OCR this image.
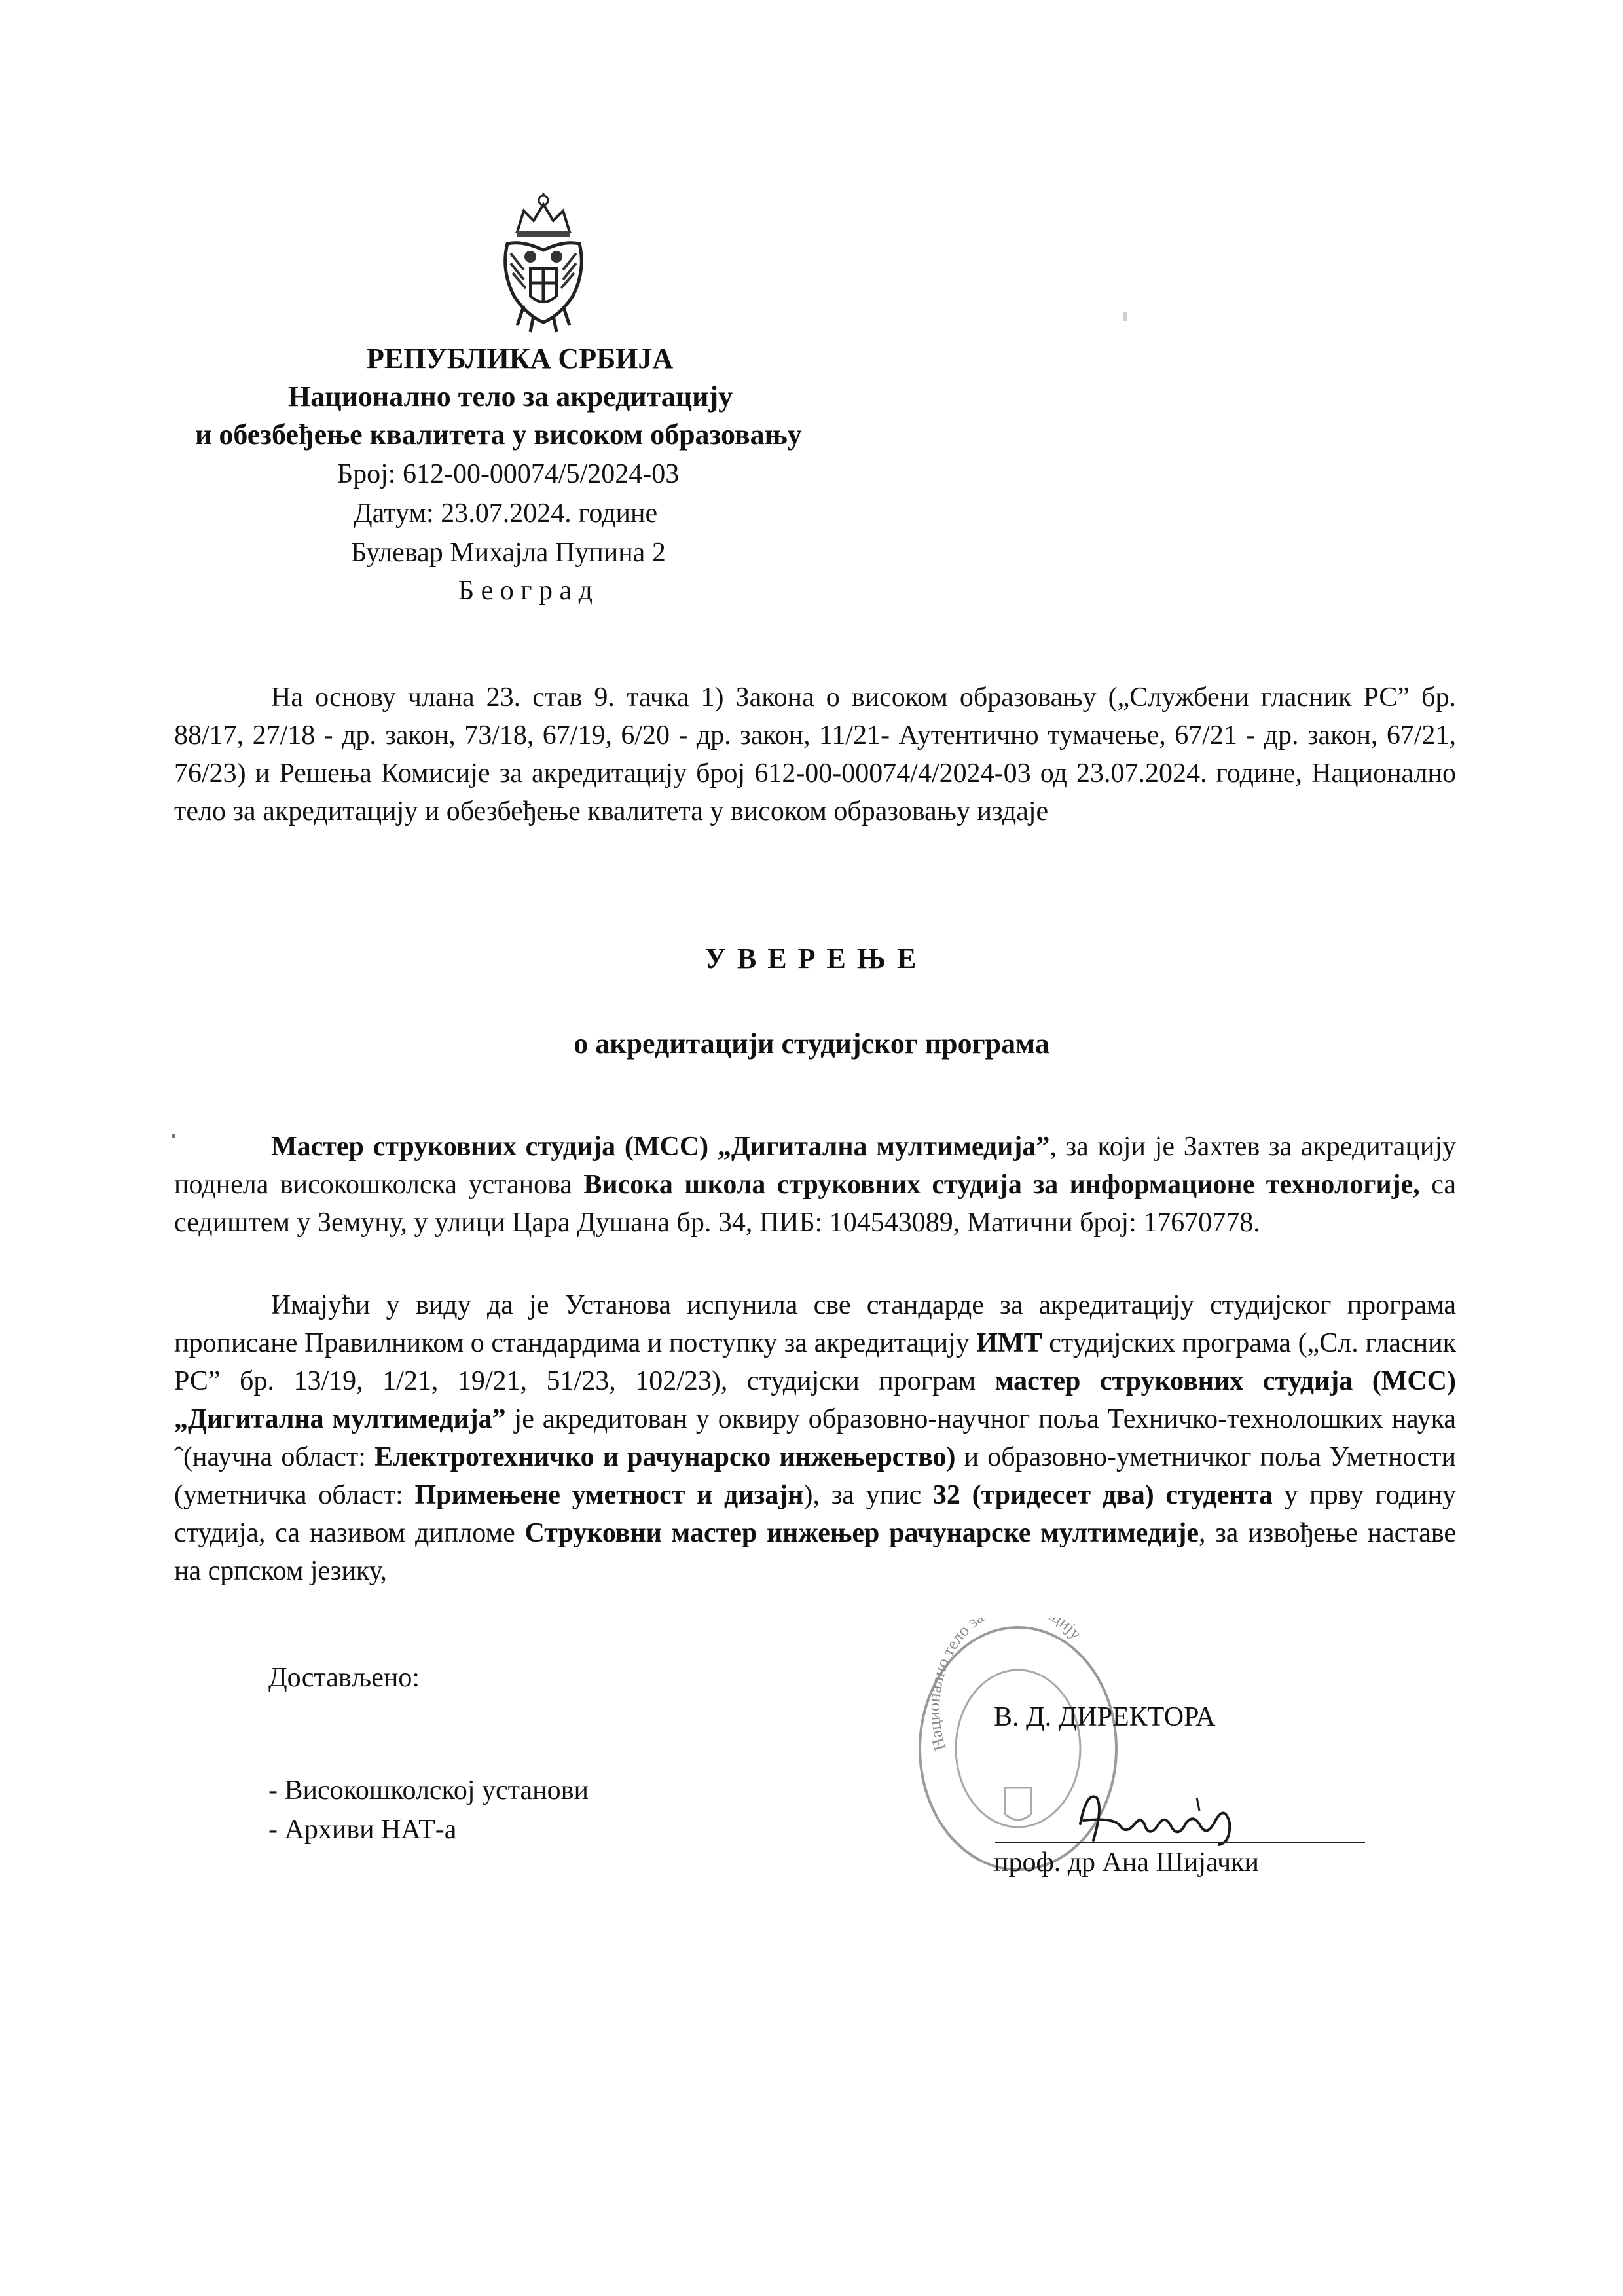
РЕПУБЛИКА СРБИЈА
Национално тело за акредитацију
и обезбеђење квалитета у високом образовању
Број: 612-00-00074/5/2024-03
Датум: 23.07.2024. године
Булевар Михајла Пупина 2
Б е о г р а д

На основу члана 23. став 9. тачка 1) Закона о високом образовању („Службени гласник РС” бр. 88/17, 27/18 - др. закон, 73/18, 67/19, 6/20 - др. закон, 11/21- Аутентично тумачење, 67/21 - др. закон, 67/21, 76/23) и Решења Комисије за акредитацију број 612-00-00074/4/2024-03 од 23.07.2024. године, Национално тело за акредитацију и обезбеђење квалитета у високом образовању издаје

У В Е Р Е Њ Е
о акредитацији студијског програма

Мастер струковних студија (МСС) „Дигитална мултимедија”, за који је Захтев за акредитацију поднела високошколска установа Висока школа струковних студија за информационе технологије, са седиштем у Земуну, у улици Цара Душана бр. 34, ПИБ: 104543089, Матични број: 17670778.

Имајући у виду да је Установа испунила све стандарде за акредитацију студијског програма прописане Правилником о стандардима и поступку за акредитацију ИМТ студијских програма („Сл. гласник РС” бр. 13/19, 1/21, 19/21, 51/23, 102/23), студијски програм мастер струковних студија (МСС) „Дигитална мултимедија” је акредитован у оквиру образовно-научног поља Техничко-технолошких наука ˆ(научна област: Електротехничко и рачунарско инжењерство) и образовно-уметничког поља Уметности (уметничка област: Примењене уметност и дизајн), за упис 32 (тридесет два) студента у прву годину студија, са називом дипломе Струковни мастер инжењер рачунарске мултимедије, за извођење наставе на српском језику,

Достављено:
- Високошколској установи
- Архиви НАТ-а
Национално тело з цију
В. Д. ДИРЕКТОРА
проф. др Ана Шијачки
